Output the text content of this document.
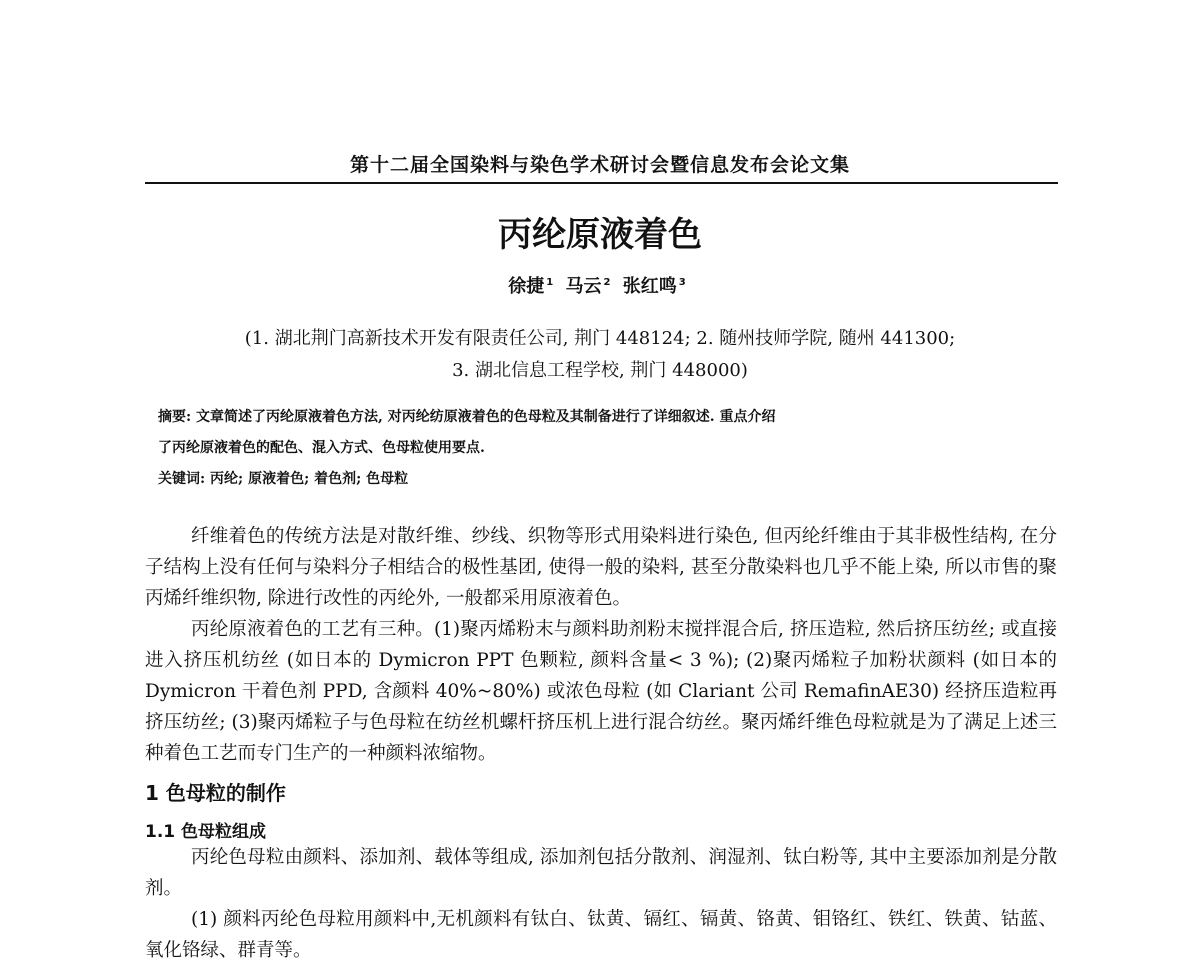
第十二届全国染料与染色学术研讨会暨信息发布会论文集
丙纶原液着色
徐捷 $^1$ 马云 $^2$ 张红鸣 $^3$
(1. 湖北荆门高新技术开发有限责任公司, 荆门 448124; 2. 随州技师学院, 随州 441300;
3. 湖北信息工程学校, 荆门 448000)
摘要: 文章简述了丙纶原液着色方法, 对丙纶纺原液着色的色母粒及其制备进行了详细叙述. 重点介绍
了丙纶原液着色的配色、混入方式、色母粒使用要点.
关键词: 丙纶; 原液着色; 着色剂; 色母粒

纤维着色的传统方法是对散纤维、纱线、织物等形式用染料进行染色, 但丙纶纤维由于其非极性结构, 在分子结构上没有任何与染料分子相结合的极性基团, 使得一般的染料, 甚至分散染料也几乎不能上染, 所以市售的聚丙烯纤维织物, 除进行改性的丙纶外, 一般都采用原液着色。

丙纶原液着色的工艺有三种。(1)聚丙烯粉末与颜料助剂粉末搅拌混合后, 挤压造粒, 然后挤压纺丝; 或直接进入挤压机纺丝 (如日本的 Dymicron PPT 色颗粒, 颜料含量< 3 %); (2)聚丙烯粒子加粉状颜料 (如日本的 Dymicron 干着色剂 PPD, 含颜料 40%~80%) 或浓色母粒 (如 Clariant 公司 RemafinAE30) 经挤压造粒再挤压纺丝; (3)聚丙烯粒子与色母粒在纺丝机螺杆挤压机上进行混合纺丝。聚丙烯纤维色母粒就是为了满足上述三种着色工艺而专门生产的一种颜料浓缩物。

1 色母粒的制作
1.1 色母粒组成

丙纶色母粒由颜料、添加剂、载体等组成, 添加剂包括分散剂、润湿剂、钛白粉等, 其中主要添加剂是分散剂。

(1) 颜料丙纶色母粒用颜料中,无机颜料有钛白、钛黄、镉红、镉黄、铬黄、钼铬红、铁红、铁黄、钴蓝、氧化铬绿、群青等。
